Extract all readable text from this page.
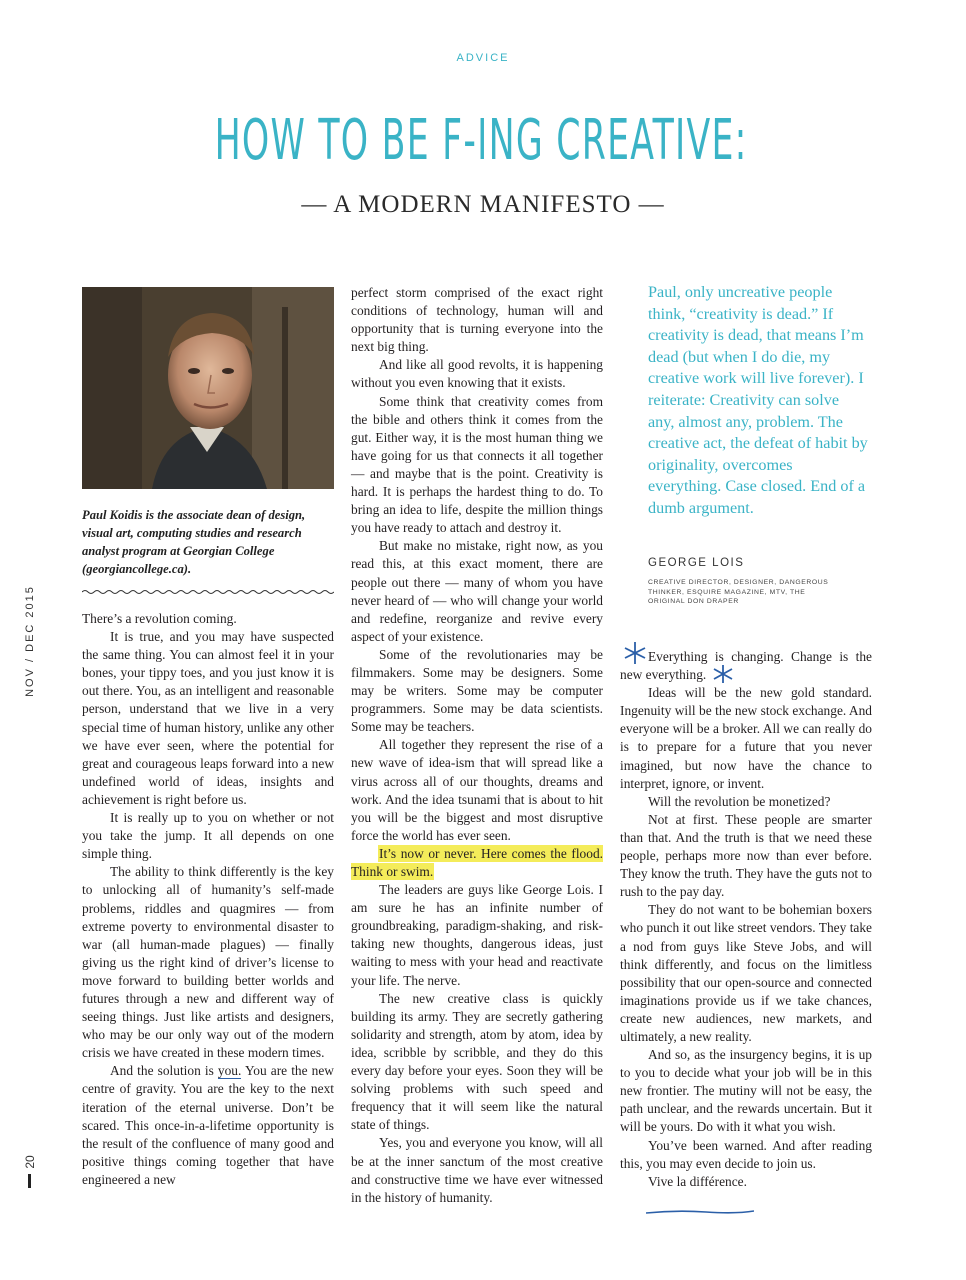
ADVICE
HOW TO BE F-ING CREATIVE:
— A MODERN MANIFESTO —
NOV / DEC 2015
20
Paul Koidis is the associate dean of design, visual art, computing studies and research analyst program at Georgian College (georgiancollege.ca).

There’s a revolution coming.

It is true, and you may have suspected the same thing. You can almost feel it in your bones, your tippy toes, and you just know it is out there. You, as an intelligent and reasonable person, understand that we live in a very special time of human history, unlike any other we have ever seen, where the potential for great and courageous leaps forward into a new undefined world of ideas, insights and achievement is right before us.

It is really up to you on whether or not you take the jump. It all depends on one simple thing.

The ability to think differently is the key to unlocking all of humanity’s self-made problems, riddles and quagmires — from extreme poverty to environmental disaster to war (all human-made plagues) — finally giving us the right kind of driver’s license to move forward to building better worlds and futures through a new and different way of seeing things. Just like artists and designers, who may be our only way out of the modern crisis we have created in these modern times.

And the solution is you. You are the new centre of gravity. You are the key to the next iteration of the eternal universe. Don’t be scared. This once-in-a-lifetime opportunity is the result of the confluence of many good and positive things coming together that have engineered a new

perfect storm comprised of the exact right conditions of technology, human will and opportunity that is turning everyone into the next big thing.

And like all good revolts, it is happening without you even knowing that it exists.

Some think that creativity comes from the bible and others think it comes from the gut. Either way, it is the most human thing we have going for us that connects it all together — and maybe that is the point. Creativity is hard. It is perhaps the hardest thing to do. To bring an idea to life, despite the million things you have ready to attach and destroy it.

But make no mistake, right now, as you read this, at this exact moment, there are people out there — many of whom you have never heard of — who will change your world and redefine, reorganize and revive every aspect of your existence.

Some of the revolutionaries may be filmmakers. Some may be designers. Some may be writers. Some may be computer programmers. Some may be data scientists. Some may be teachers.

All together they represent the rise of a new wave of idea-ism that will spread like a virus across all of our thoughts, dreams and work. And the idea tsunami that is about to hit you will be the biggest and most disruptive force the world has ever seen.

It’s now or never. Here comes the flood. Think or swim.

The leaders are guys like George Lois. I am sure he has an infinite number of groundbreaking, paradigm-shaking, and risk-taking new thoughts, dangerous ideas, just waiting to mess with your head and reactivate your life. The nerve.

The new creative class is quickly building its army. They are secretly gathering solidarity and strength, atom by atom, idea by idea, scribble by scribble, and they do this every day before your eyes. Soon they will be solving problems with such speed and frequency that it will seem like the natural state of things.

Yes, you and everyone you know, will all be at the inner sanctum of the most creative and constructive time we have ever witnessed in the history of humanity.

Paul, only uncreative people think, “creativity is dead.” If creativity is dead, that means I’m dead (but when I do die, my creative work will live forever). I reiterate: Creativity can solve any, almost any, problem. The creative act, the defeat of habit by originality, overcomes everything. Case closed. End of a dumb argument.
GEORGE LOIS
CREATIVE DIRECTOR, DESIGNER, DANGEROUS THINKER, ESQUIRE MAGAZINE, MTV, THE ORIGINAL DON DRAPER

Everything is changing. Change is the new everything.

Ideas will be the new gold standard. Ingenuity will be the new stock exchange. And everyone will be a broker. All we can really do is to prepare for a future that you never imagined, but now have the chance to interpret, ignore, or invent.

Will the revolution be monetized?

Not at first. These people are smarter than that. And the truth is that we need these people, perhaps more now than ever before. They know the truth. They have the guts not to rush to the pay day.

They do not want to be bohemian boxers who punch it out like street vendors. They take a nod from guys like Steve Jobs, and will think differently, and focus on the limitless possibility that our open-source and connected imaginations provide us if we take chances, create new audiences, new markets, and ultimately, a new reality.

And so, as the insurgency begins, it is up to you to decide what your job will be in this new frontier. The mutiny will not be easy, the path unclear, and the rewards uncertain. But it will be yours. Do with it what you wish.

You’ve been warned. And after reading this, you may even decide to join us.

Vive la différence.
